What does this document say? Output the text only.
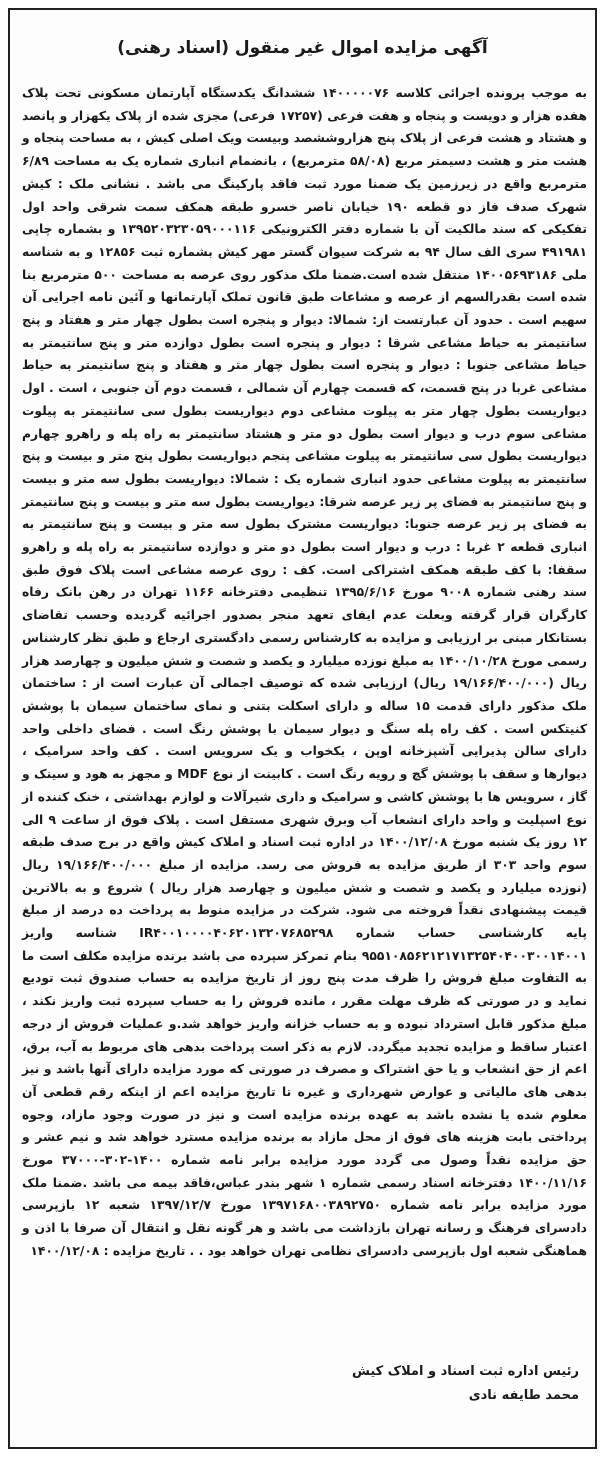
آگهی مزایده اموال غیر منقول (اسناد رهنی)
به موجب پرونده اجرائی کلاسه ۱۴۰۰۰۰۰۷۶ ششدانگ یکدستگاه آپارتمان مسکونی تحت پلاک هفده هزار و دویست و پنجاه و هفت فرعی (۱۷۲۵۷ فرعی) مجزی شده از پلاک یکهزار و پانصد و هشتاد و هشت فرعی از پلاک پنج هزاروششصد وبیست ویک اصلی کیش ، به مساحت پنجاه و هشت متر و هشت دسیمتر مربع (۵۸/۰۸ مترمربع) ، بانضمام انباری شماره یک به مساحت ۶/۸۹ مترمربع واقع در زیرزمین یک ضمنا مورد ثبت فاقد پارکینگ می باشد . نشانی ملک : کیش شهرک صدف فاز دو قطعه ۱۹۰ خیابان ناصر خسرو طبقه همکف سمت شرقی واحد اول تفکیکی که سند مالکیت آن با شماره دفتر الکترونیکی ۱۳۹۵۲۰۳۲۳۰۵۹۰۰۰۱۱۶ و بشماره چاپی ۴۹۱۹۸۱ سری الف سال ۹۴ به شرکت سیوان گستر مهر کیش بشماره ثبت ۱۲۸۵۶ و به شناسه ملی ۱۴۰۰۵۶۹۳۱۸۶ منتقل شده است.ضمنا ملک مذکور روی عرصه به مساحت ۵۰۰ مترمربع بنا شده است بقدرالسهم از عرصه و مشاعات طبق قانون تملک آپارتمانها و آئین نامه اجرایی آن سهیم است . حدود آن عبارتست از: شمالا: دیوار و پنجره است بطول چهار متر و هفتاد و پنج سانتیمتر به حیاط مشاعی شرقا : دیوار و پنجره است بطول دوازده متر و پنج سانتیمتر به حیاط مشاعی جنوبا : دیوار و پنجره است بطول چهار متر و هفتاد و پنج سانتیمتر به حیاط مشاعی غربا در پنج قسمت، که قسمت چهارم آن شمالی ، قسمت دوم آن جنوبی ، است . اول دیواریست بطول چهار متر به پیلوت مشاعی دوم دیواریست بطول سی سانتیمتر به پیلوت مشاعی سوم درب و دیوار است بطول دو متر و هشتاد سانتیمتر به راه پله و راهرو چهارم دیواریست بطول سی سانتیمتر به پیلوت مشاعی پنجم دیواریست بطول پنج متر و بیست و پنج سانتیمتر به پیلوت مشاعی حدود انباری شماره یک : شمالا: دیواریست بطول سه متر و بیست و پنج سانتیمتر به فضای پر زیر عرصه شرقا: دیواریست بطول سه متر و بیست و پنج سانتیمتر به فضای پر زیر عرصه جنوبا: دیواریست مشترک بطول سه متر و بیست و پنج سانتیمتر به انباری قطعه ۲ غربا : درب و دیوار است بطول دو متر و دوازده سانتیمتر به راه پله و راهرو سقفا: با کف طبقه همکف اشتراکی است. کف : روی عرصه مشاعی است پلاک فوق طبق سند رهنی شماره ۹۰۰۸ مورخ ۱۳۹۵/۶/۱۶ تنظیمی دفترخانه ۱۱۶۶ تهران در رهن بانک رفاه کارگران قرار گرفته وبعلت عدم ایفای تعهد منجر بصدور اجرائیه گردیده وحسب تقاضای بستانکار مبنی بر ارزیابی و مزایده به کارشناس رسمی دادگستری ارجاع و طبق نظر کارشناس رسمی مورخ ۱۴۰۰/۱۰/۲۸ به مبلغ نوزده میلیارد و یکصد و شصت و شش میلیون و چهارصد هزار ریال (۱۹/۱۶۶/۴۰۰/۰۰۰ ریال) ارزیابی شده که توصیف اجمالی آن عبارت است از : ساختمان ملک مذکور دارای قدمت ۱۵ ساله و دارای اسکلت بتنی و نمای ساختمان سیمان با پوشش کنیتکس است . کف راه پله سنگ و دیوار سیمان با پوشش رنگ است . فضای داخلی واحد دارای سالن پذیرایی آشپزخانه اوپن ، یکخواب و یک سرویس است . کف واحد سرامیک ، دیوارها و سقف با پوشش گچ و رویه رنگ است . کابینت از نوع MDF و مجهز به هود و سینک و گاز ، سرویس ها با پوشش کاشی و سرامیک و داری شیرآلات و لوازم بهداشتی ، خنک کننده از نوع اسپلیت و واحد دارای انشعاب آب وبرق شهری مستقل است . پلاک فوق از ساعت ۹ الی ۱۲ روز یک شنبه مورخ ۱۴۰۰/۱۲/۰۸ در اداره ثبت اسناد و املاک کیش واقع در برج صدف طبقه سوم واحد ۳۰۳ از طریق مزایده به فروش می رسد. مزایده از مبلغ ۱۹/۱۶۶/۴۰۰/۰۰۰ ریال (نوزده میلیارد و یکصد و شصت و شش میلیون و چهارصد هزار ریال ) شروع و به بالاترین قیمت پیشنهادی نقداً فروخته می شود. شرکت در مزایده منوط به پرداخت ده درصد از مبلغ پایه کارشناسی حساب شماره IR۴۰۰۱۰۰۰۰۴۰۶۲۰۱۳۲۰۷۶۸۵۲۹۸ شناسه واریز ۹۵۵۱۰۸۵۶۲۱۲۱۷۱۳۲۵۴۰۴۰۰۳۰۰۱۴۰۰۱ بنام تمرکز سپرده می باشد برنده مزایده مکلف است ما به التفاوت مبلغ فروش را ظرف مدت پنج روز از تاریخ مزایده به حساب صندوق ثبت توديع نمايد و در صورتی که ظرف مهلت مقرر ، مانده فروش را به حساب سپرده ثبت واریز نکند ، مبلغ مذکور قابل استرداد نبوده و به حساب خزانه واریز خواهد شد.و عملیات فروش از درجه اعتبار ساقط و مزایده تجدید میگردد. لازم به ذکر است پرداخت بدهی های مربوط به آب، برق، اعم از حق انشعاب و یا حق اشتراک و مصرف در صورتی که مورد مزایده دارای آنها باشد و نیز بدهی های مالیاتی و عوارض شهرداری و غیره تا تاریخ مزایده اعم از اینکه رقم قطعی آن معلوم شده یا نشده باشد به عهده برنده مزایده است و نیز در صورت وجود مازاد، وجوه پرداختی بابت هزینه های فوق از محل مازاد به برنده مزایده مسترد خواهد شد و نیم عشر و حق مزایده نقداً وصول می گردد مورد مزایده برابر نامه شماره ۱۴۰۰-۳۰۲-۳۷۰۰۰ مورخ ۱۴۰۰/۱۱/۱۶ دفترخانه اسناد رسمی شماره ۱ شهر بندر عباس،فاقد بیمه می باشد .ضمنا ملک مورد مزایده برابر نامه شماره ۱۳۹۷۱۶۸۰۰۳۸۹۲۷۵۰ مورخ ۱۳۹۷/۱۲/۷ شعبه ۱۲ بازپرسی دادسرای فرهنگ و رسانه تهران بازداشت می باشد و هر گونه نقل و انتقال آن صرفا با اذن و هماهنگی شعبه اول بازپرسی دادسرای نظامی تهران خواهد بود . . تاریخ مزایده : ۱۴۰۰/۱۲/۰۸
رئیس اداره ثبت اسناد و املاک کیش
محمد طایفه نادی
